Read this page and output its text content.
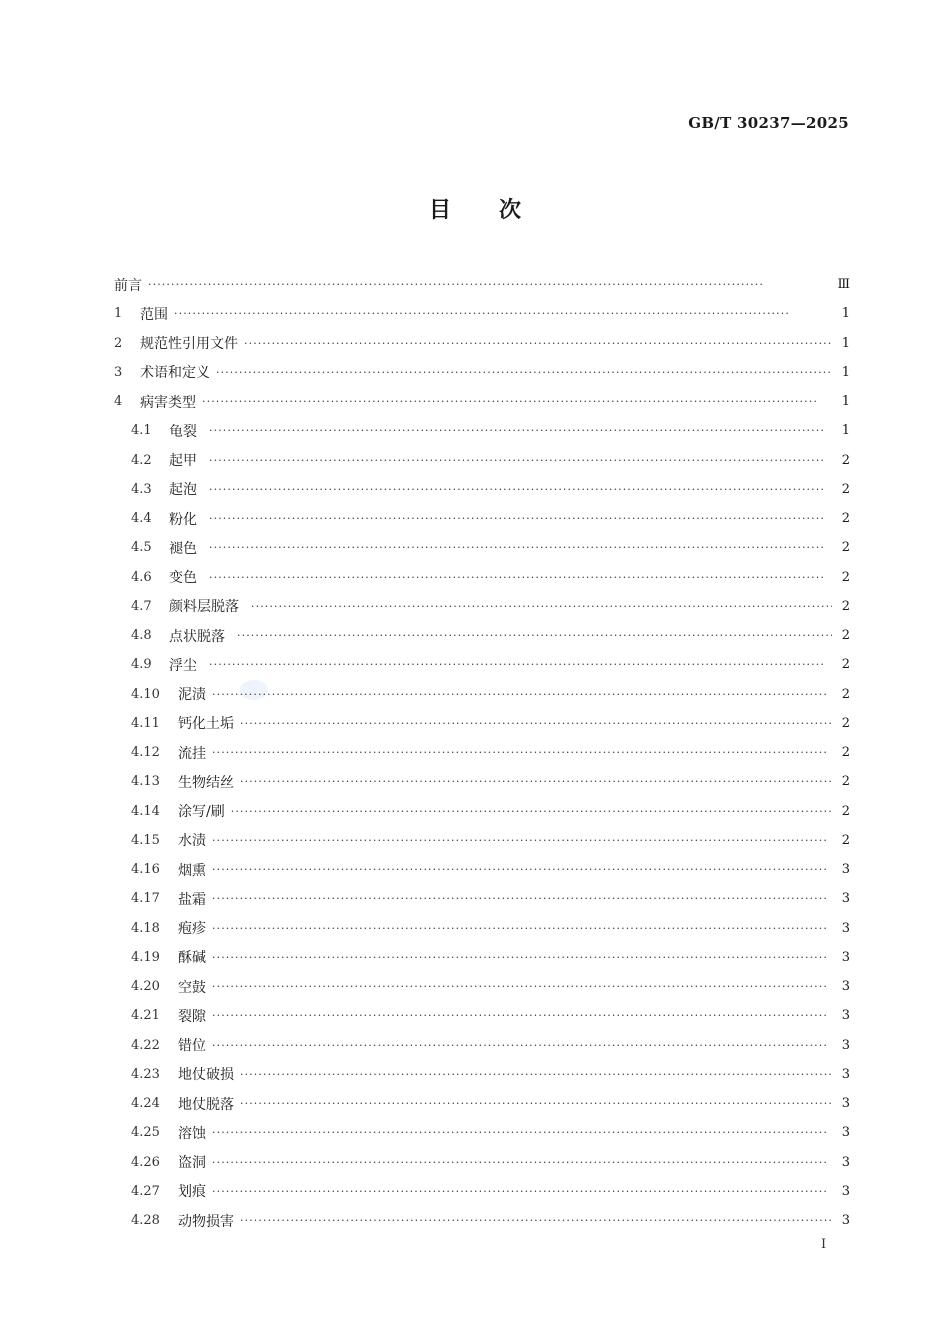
GB/T 30237—2025
目 次
前言 ·····	Ⅲ
1	范围 ·····	1
2	规范性引用文件 ·····	1
3	术语和定义 ·····	1
4	病害类型 ·····	1
4.1	龟裂 ·····	1
4.2	起甲 ·····	2
4.3	起泡 ·····	2
4.4	粉化 ·····	2
4.5	褪色 ·····	2
4.6	变色 ·····	2
4.7	颜料层脱落 ·····	2
4.8	点状脱落 ·····	2
4.9	浮尘 ·····	2
4.10	泥渍 ·····	2
4.11	钙化土垢 ·····	2
4.12	流挂 ·····	2
4.13	生物结丝 ·····	2
4.14	涂写/刷 ·····	2
4.15	水渍 ·····	2
4.16	烟熏 ·····	3
4.17	盐霜 ·····	3
4.18	疱疹 ·····	3
4.19	酥碱 ·····	3
4.20	空鼓 ·····	3
4.21	裂隙 ·····	3
4.22	错位 ·····	3
4.23	地仗破损 ·····	3
4.24	地仗脱落 ·····	3
4.25	溶蚀 ·····	3
4.26	盗洞 ·····	3
4.27	划痕 ·····	3
4.28	动物损害 ·····	3
I
